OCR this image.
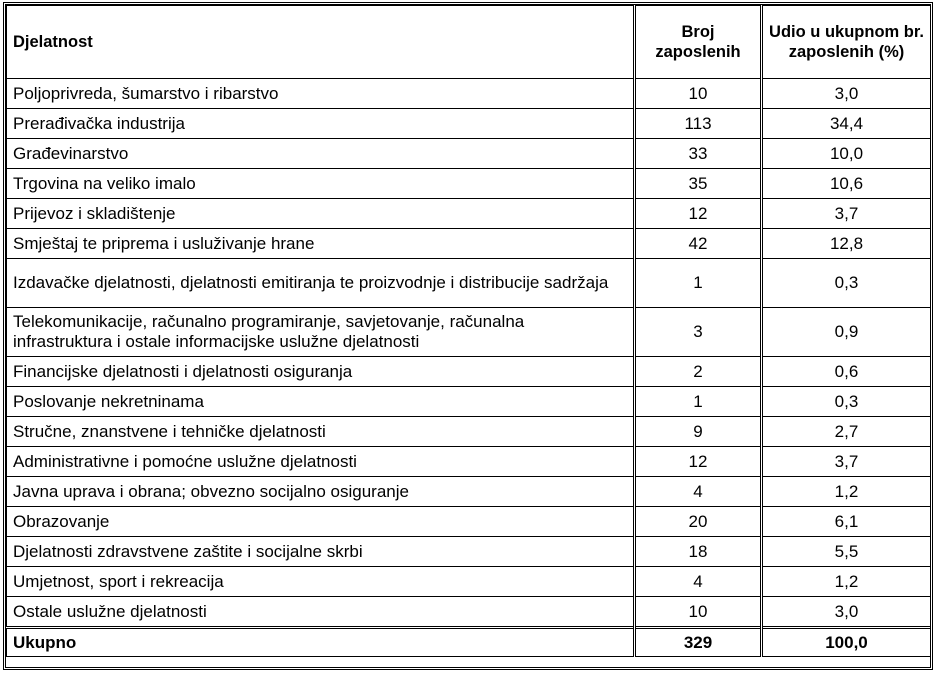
Djelatnost	Broj zaposlenih	Udio u ukupnom br. zaposlenih (%)
Poljoprivreda, šumarstvo i ribarstvo	10	3,0
Prerađivačka industrija	113	34,4
Građevinarstvo	33	10,0
Trgovina na veliko imalo	35	10,6
Prijevoz i skladištenje	12	3,7
Smještaj te priprema i usluživanje hrane	42	12,8
Izdavačke djelatnosti, djelatnosti emitiranja te proizvodnje i distribucije sadržaja	1	0,3
Telekomunikacije, računalno programiranje, savjetovanje, računalna infrastruktura i ostale informacijske uslužne djelatnosti	3	0,9
Financijske djelatnosti i djelatnosti osiguranja	2	0,6
Poslovanje nekretninama	1	0,3
Stručne, znanstvene i tehničke djelatnosti	9	2,7
Administrativne i pomoćne uslužne djelatnosti	12	3,7
Javna uprava i obrana; obvezno socijalno osiguranje	4	1,2
Obrazovanje	20	6,1
Djelatnosti zdravstvene zaštite i socijalne skrbi	18	5,5
Umjetnost, sport i rekreacija	4	1,2
Ostale uslužne djelatnosti	10	3,0
Ukupno	329	100,0
